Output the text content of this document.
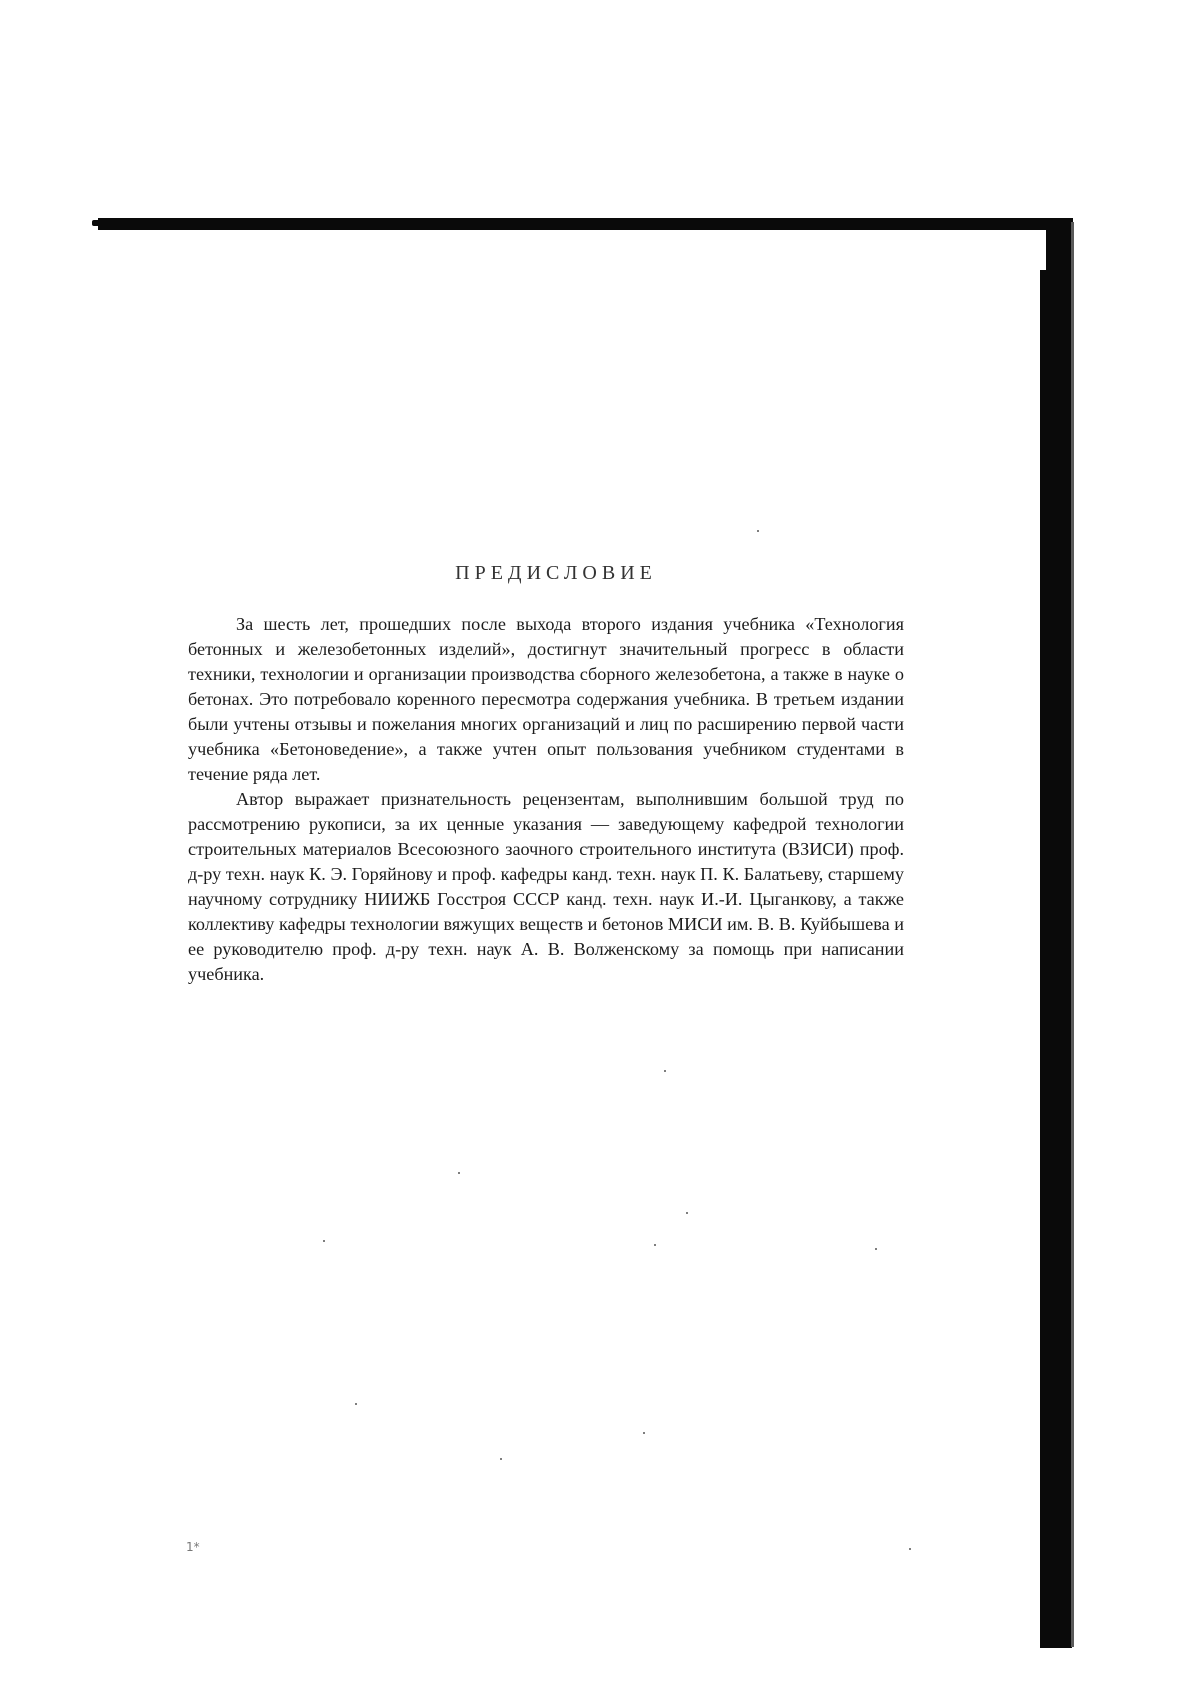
ПРЕДИСЛОВИЕ

За шесть лет, прошедших после выхода второго издания учебника «Технология бетонных и железобетонных изделий», достигнут значительный прогресс в области техники, технологии и организации производства сборного железобетона, а также в науке о бетонах. Это потребовало коренного пересмотра содержания учебника. В третьем издании были учтены отзывы и пожелания многих организаций и лиц по расширению первой части учебника «Бетоноведение», а также учтен опыт пользования учебником студентами в течение ряда лет.

Автор выражает признательность рецензентам, выполнившим большой труд по рассмотрению рукописи, за их ценные указания — заведующему кафедрой технологии строительных материалов Всесоюзного заочного строительного института (ВЗИСИ) проф. д-ру техн. наук К. Э. Горяйнову и проф. кафедры канд. техн. наук П. К. Балатьеву, старшему научному сотруднику НИИЖБ Госстроя СССР канд. техн. наук И.-И. Цыганкову, а также коллективу кафедры технологии вяжущих веществ и бетонов МИСИ им. В. В. Куйбышева и ее руководителю проф. д-ру техн. наук А. В. Волженскому за помощь при написании учебника.

1*
